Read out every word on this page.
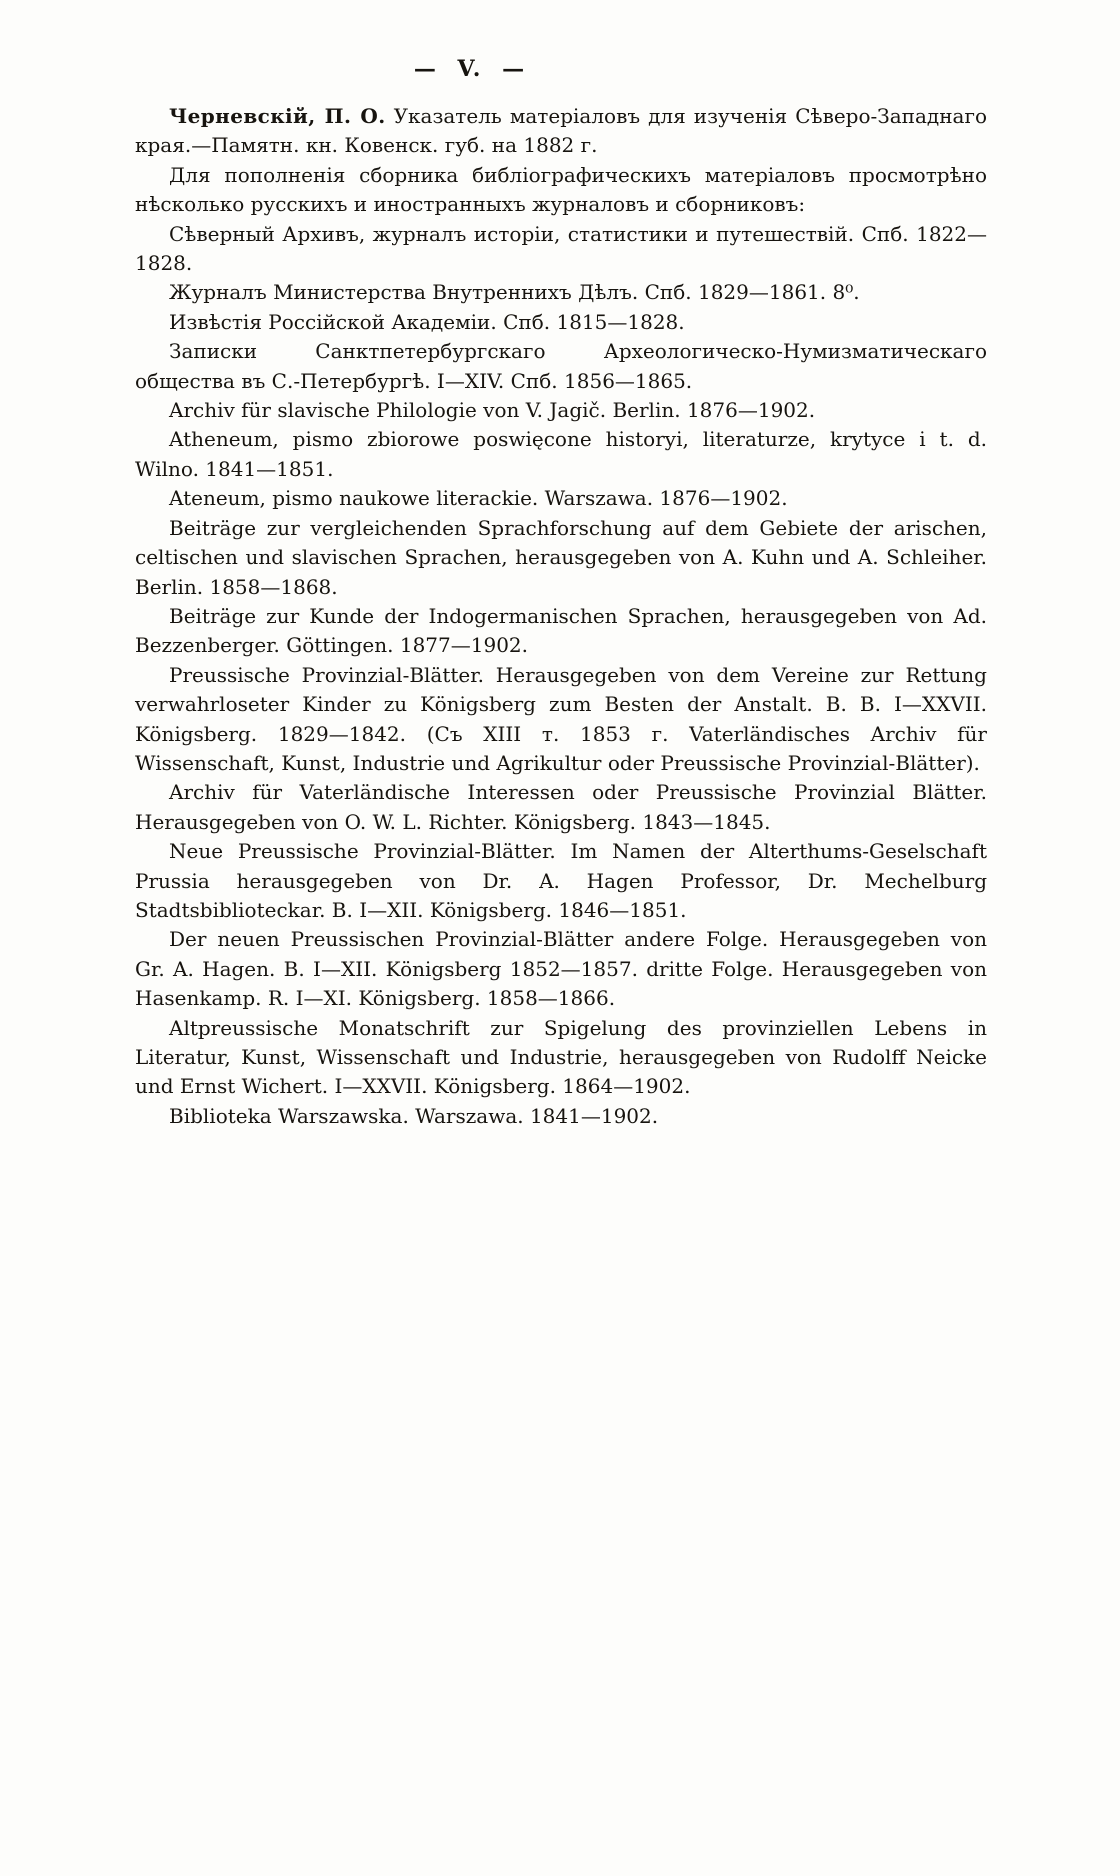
— V. —

Черневскій, П. О. Указатель матеріаловъ для изученія Сѣверо-Западнаго края.—Памятн. кн. Ковенск. губ. на 1882 г.

Для пополненія сборника библіографическихъ матеріаловъ просмотрѣно нѣсколько русскихъ и иностранныхъ журналовъ и сборниковъ:

Сѣверный Архивъ, журналъ исторіи, статистики и путешествій. Спб. 1822—1828.

Журналъ Министерства Внутреннихъ Дѣлъ. Спб. 1829—1861. 8⁰.

Извѣстія Россійской Академіи. Спб. 1815—1828.

Записки Санктпетербургскаго Археологическо-Нумизматическаго общества въ С.-Петербургѣ. I—XIV. Спб. 1856—1865.

Archiv für slavische Philologie von V. Jagič. Berlin. 1876—1902.

Atheneum, pismo zbiorowe poswięcone historyi, literaturze, krytyce i t. d. Wilno. 1841—1851.

Ateneum, pismo naukowe literackie. Warszawa. 1876—1902.

Beiträge zur vergleichenden Sprachforschung auf dem Gebiete der arischen, celtischen und slavischen Sprachen, herausgegeben von A. Kuhn und A. Schleiher. Berlin. 1858—1868.

Beiträge zur Kunde der Indogermanischen Sprachen, herausgegeben von Ad. Bezzenberger. Göttingen. 1877—1902.

Preussische Provinzial-Blätter. Herausgegeben von dem Vereine zur Rettung verwahrloseter Kinder zu Königsberg zum Besten der Anstalt. B. B. I—XXVII. Königsberg. 1829—1842. (Съ XIII т. 1853 г. Vaterländisches Archiv für Wissenschaft, Kunst, Industrie und Agrikultur oder Preussische Provinzial-Blätter).

Archiv für Vaterländische Interessen oder Preussische Provinzial Blätter. Herausgegeben von O. W. L. Richter. Königsberg. 1843—1845.

Neue Preussische Provinzial-Blätter. Im Namen der Alterthums-Geselschaft Prussia herausgegeben von Dr. A. Hagen Professor, Dr. Mechelburg Stadtsbiblioteckar. B. I—XII. Königsberg. 1846—1851.

Der neuen Preussischen Provinzial-Blätter andere Folge. Herausgegeben von Gr. A. Hagen. B. I—XII. Königsberg 1852—1857. dritte Folge. Herausgegeben von Hasenkamp. R. I—XI. Königsberg. 1858—1866.

Altpreussische Monatschrift zur Spigelung des provinziellen Lebens in Literatur, Kunst, Wissenschaft und Industrie, herausgegeben von Rudolff Neicke und Ernst Wichert. I—XXVII. Königsberg. 1864—1902.

Biblioteka Warszawska. Warszawa. 1841—1902.
